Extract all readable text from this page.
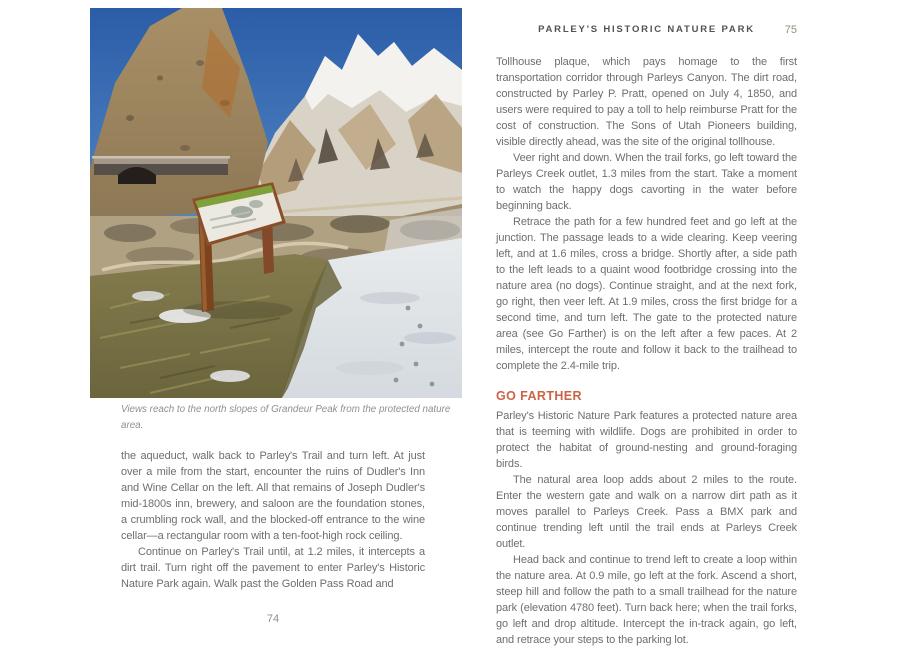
Views reach to the north slopes of Grandeur Peak from the protected nature area.

the aqueduct, walk back to Parley's Trail and turn left. At just over a mile from the start, encounter the ruins of Dudler's Inn and Wine Cellar on the left. All that remains of Joseph Dudler's mid-1800s inn, brewery, and saloon are the foundation stones, a crumbling rock wall, and the blocked-off entrance to the wine cellar—a rectangular room with a ten-foot-high rock ceiling.

Continue on Parley's Trail until, at 1.2 miles, it intercepts a dirt trail. Turn right off the pavement to enter Parley's Historic Nature Park again. Walk past the Golden Pass Road and

74
PARLEY'S HISTORIC NATURE PARK	75

Tollhouse plaque, which pays homage to the first transportation corridor through Parleys Canyon. The dirt road, constructed by Parley P. Pratt, opened on July 4, 1850, and users were required to pay a toll to help reimburse Pratt for the cost of construction. The Sons of Utah Pioneers building, visible directly ahead, was the site of the original tollhouse.

Veer right and down. When the trail forks, go left toward the Parleys Creek outlet, 1.3 miles from the start. Take a moment to watch the happy dogs cavorting in the water before beginning back.

Retrace the path for a few hundred feet and go left at the junction. The passage leads to a wide clearing. Keep veering left, and at 1.6 miles, cross a bridge. Shortly after, a side path to the left leads to a quaint wood footbridge crossing into the nature area (no dogs). Continue straight, and at the next fork, go right, then veer left. At 1.9 miles, cross the first bridge for a second time, and turn left. The gate to the protected nature area (see Go Farther) is on the left after a few paces. At 2 miles, intercept the route and follow it back to the trailhead to complete the 2.4-mile trip.

GO FARTHER

Parley's Historic Nature Park features a protected nature area that is teeming with wildlife. Dogs are prohibited in order to protect the habitat of ground-nesting and ground-foraging birds.

The natural area loop adds about 2 miles to the route. Enter the western gate and walk on a narrow dirt path as it moves parallel to Parleys Creek. Pass a BMX park and continue trending left until the trail ends at Parleys Creek outlet.

Head back and continue to trend left to create a loop within the nature area. At 0.9 mile, go left at the fork. Ascend a short, steep hill and follow the path to a small trailhead for the nature park (elevation 4780 feet). Turn back here; when the trail forks, go left and drop altitude. Intercept the in-track again, go left, and retrace your steps to the parking lot.
